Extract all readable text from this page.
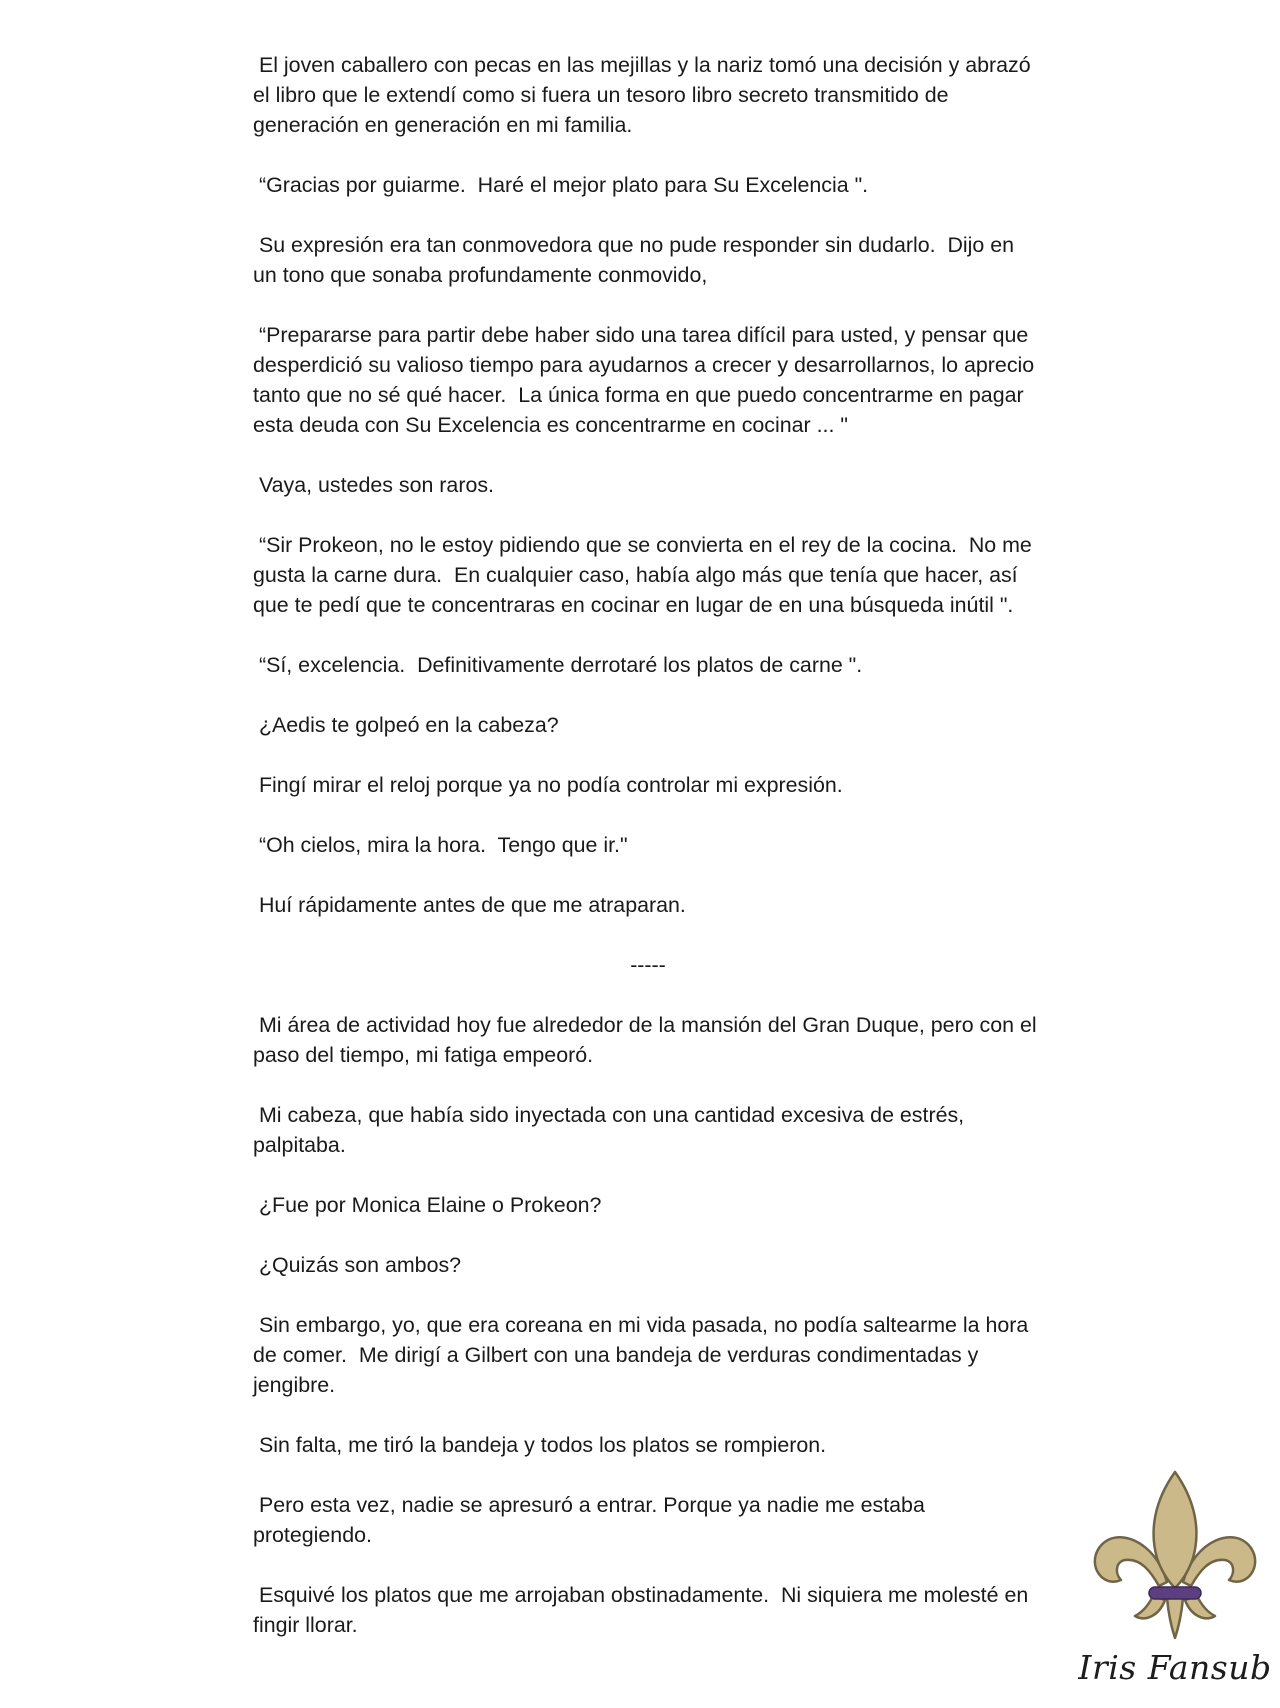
El joven caballero con pecas en las mejillas y la nariz tomó una decisión y abrazó el libro que le extendí como si fuera un tesoro libro secreto transmitido de generación en generación en mi familia.

“Gracias por guiarme.  Haré el mejor plato para Su Excelencia ".

Su expresión era tan conmovedora que no pude responder sin dudarlo.  Dijo en un tono que sonaba profundamente conmovido,

“Prepararse para partir debe haber sido una tarea difícil para usted, y pensar que desperdició su valioso tiempo para ayudarnos a crecer y desarrollarnos, lo aprecio tanto que no sé qué hacer.  La única forma en que puedo concentrarme en pagar esta deuda con Su Excelencia es concentrarme en cocinar ... "

Vaya, ustedes son raros.

“Sir Prokeon, no le estoy pidiendo que se convierta en el rey de la cocina.  No me gusta la carne dura.  En cualquier caso, había algo más que tenía que hacer, así que te pedí que te concentraras en cocinar en lugar de en una búsqueda inútil ".

“Sí, excelencia.  Definitivamente derrotaré los platos de carne ".

¿Aedis te golpeó en la cabeza?

Fingí mirar el reloj porque ya no podía controlar mi expresión.

“Oh cielos, mira la hora.  Tengo que ir."

Huí rápidamente antes de que me atraparan.

-----

Mi área de actividad hoy fue alrededor de la mansión del Gran Duque, pero con el paso del tiempo, mi fatiga empeoró.

Mi cabeza, que había sido inyectada con una cantidad excesiva de estrés, palpitaba.

¿Fue por Monica Elaine o Prokeon?

¿Quizás son ambos?

Sin embargo, yo, que era coreana en mi vida pasada, no podía saltearme la hora de comer.  Me dirigí a Gilbert con una bandeja de verduras condimentadas y jengibre.

Sin falta, me tiró la bandeja y todos los platos se rompieron.

Pero esta vez, nadie se apresuró a entrar. Porque ya nadie me estaba protegiendo.

Esquivé los platos que me arrojaban obstinadamente.  Ni siquiera me molesté en fingir llorar.

Iris Fansub
